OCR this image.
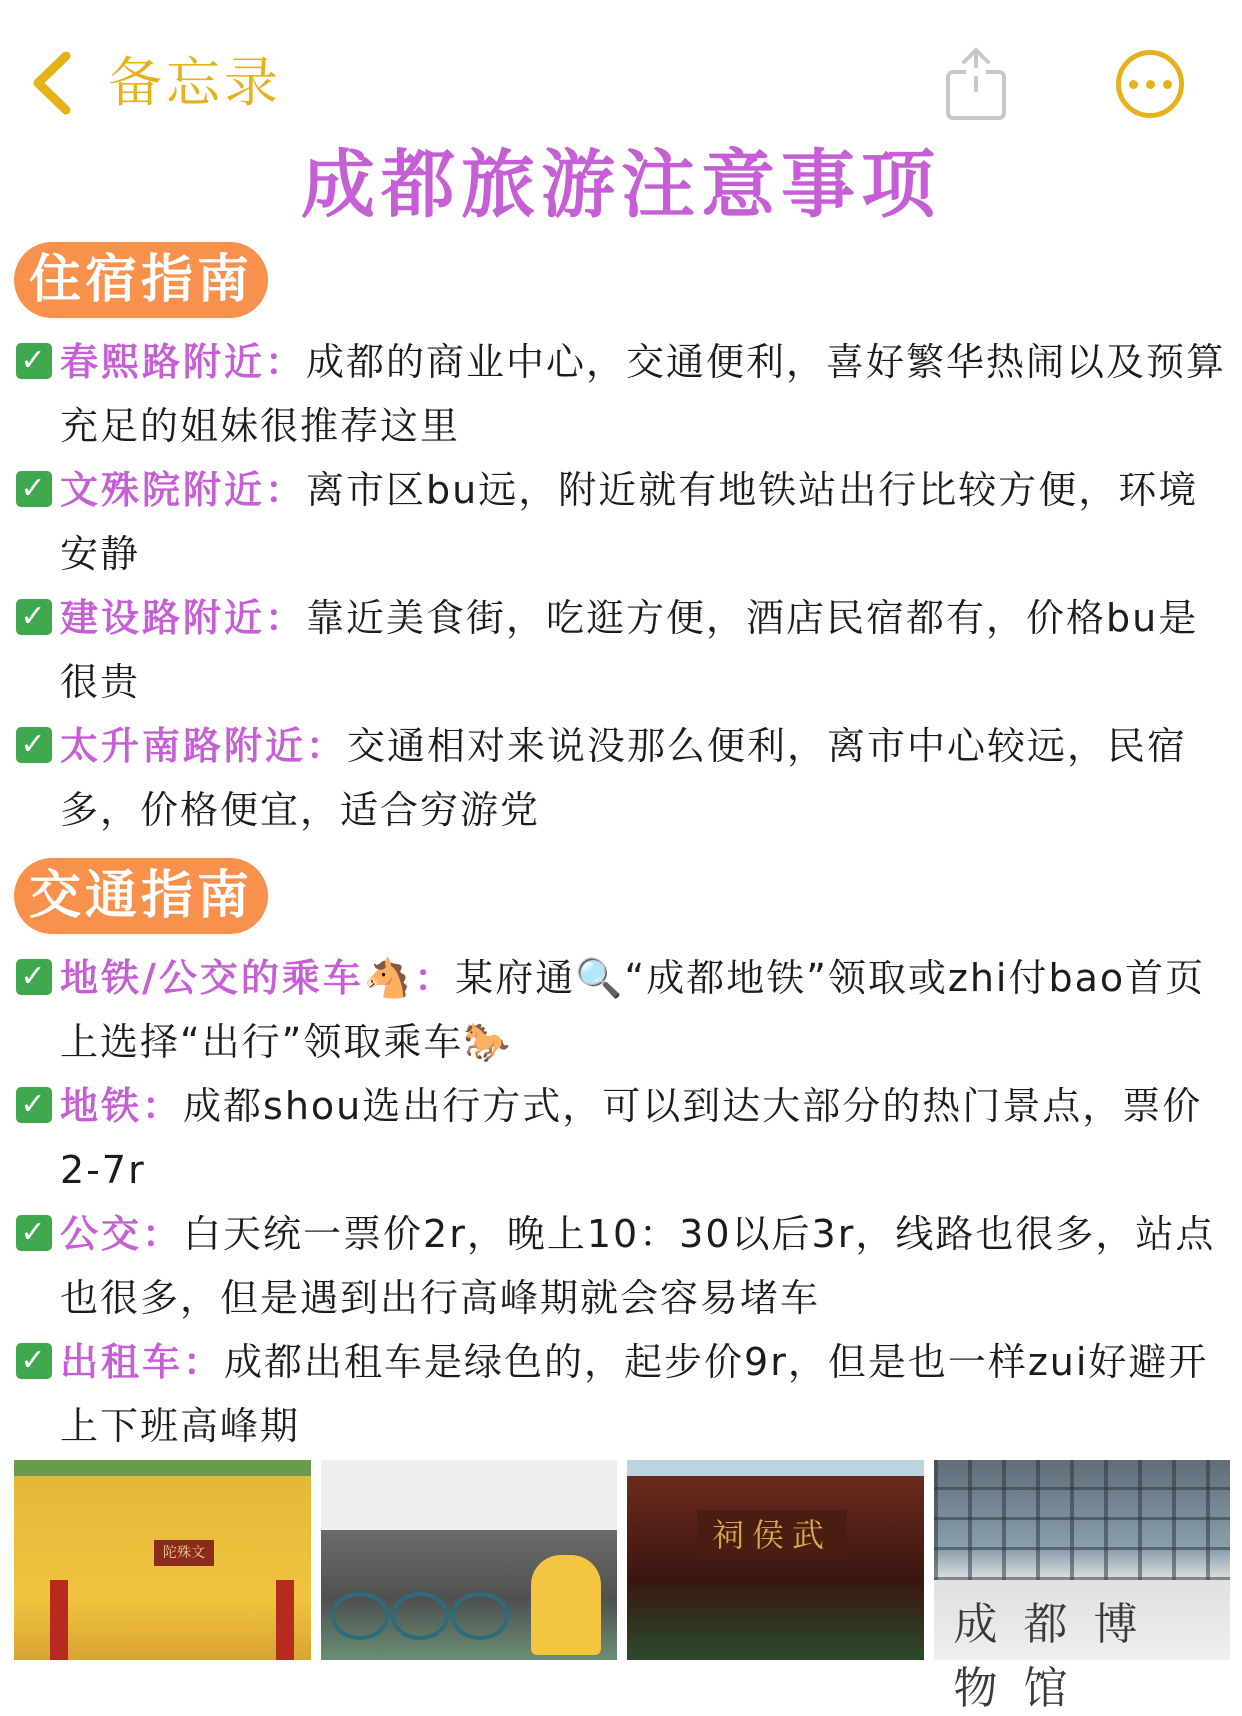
备忘录
成都旅游注意事项
住宿指南
✓ 春熙路附近：成都的商业中心，交通便利，喜好繁华热闹以及预算
充足的姐妹很推荐这里
✓ 文殊院附近：离市区bu远，附近就有地铁站出行比较方便，环境
安静
✓ 建设路附近：靠近美食街，吃逛方便，酒店民宿都有，价格bu是
很贵
✓ 太升南路附近：交通相对来说没那么便利，离市中心较远，民宿
多，价格便宜，适合穷游党
交通指南
✓ 地铁/公交的乘车🐴：某府通🔍“成都地铁”领取或zhi付bao首页
上选择“出行”领取乘车🐎
✓ 地铁：成都shou选出行方式，可以到达大部分的热门景点，票价
2-7r
✓ 公交：白天统一票价2r，晚上10：30以后3r，线路也很多，站点
也很多，但是遇到出行高峰期就会容易堵车
✓ 出租车：成都出租车是绿色的，起步价9r，但是也一样zui好避开
上下班高峰期
陀殊文	祠侯武
成都博物馆
